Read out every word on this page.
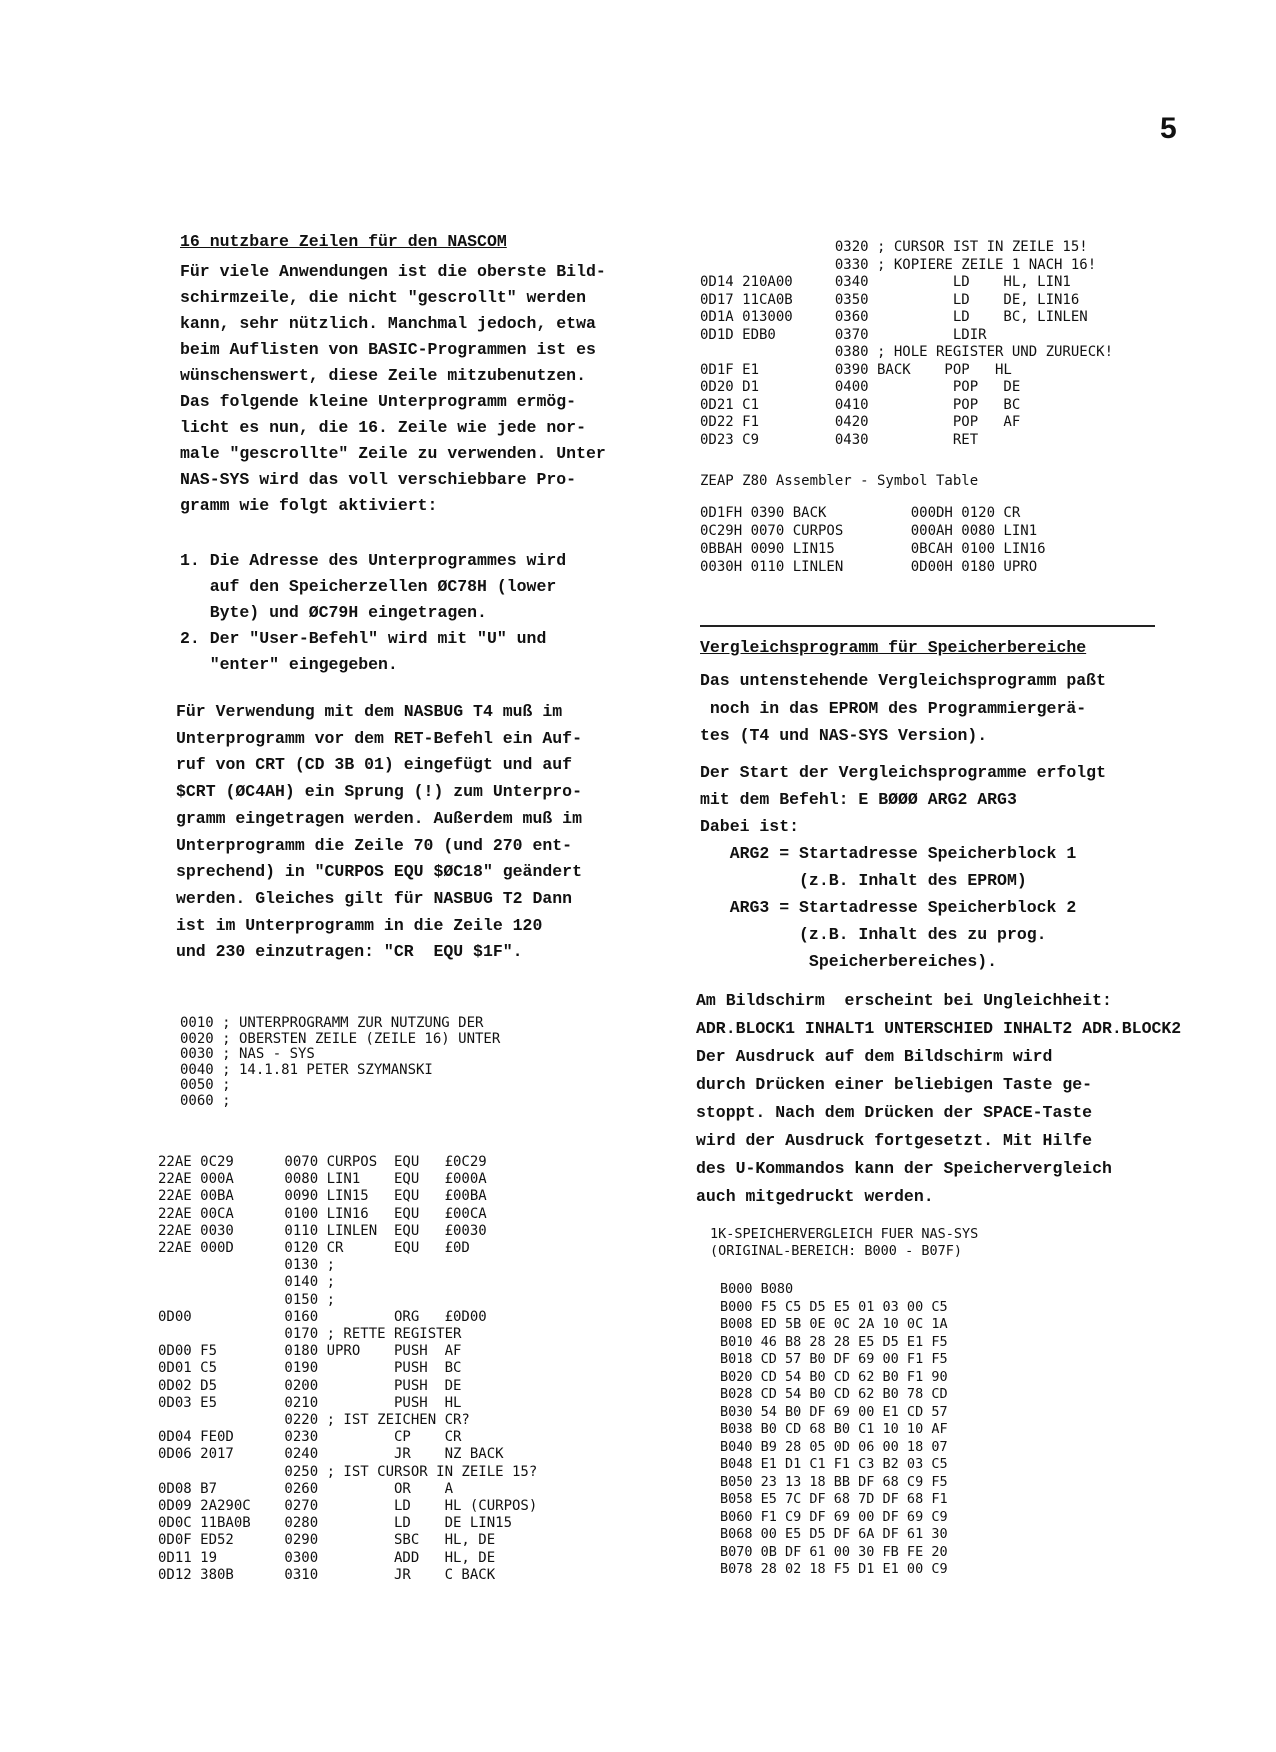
5
16 nutzbare Zeilen für den NASCOM
Für viele Anwendungen ist die oberste Bild-
schirmzeile, die nicht "gescrollt" werden
kann, sehr nützlich. Manchmal jedoch, etwa
beim Auflisten von BASIC-Programmen ist es
wünschenswert, diese Zeile mitzubenutzen.
Das folgende kleine Unterprogramm ermög-
licht es nun, die 16. Zeile wie jede nor-
male "gescrollte" Zeile zu verwenden. Unter
NAS-SYS wird das voll verschiebbare Pro-
gramm wie folgt aktiviert:
1. Die Adresse des Unterprogrammes wird
auf den Speicherzellen ØC78H (lower
Byte) und ØC79H eingetragen.
2. Der "User-Befehl" wird mit "U" und
"enter" eingegeben.
Für Verwendung mit dem NASBUG T4 muß im
Unterprogramm vor dem RET-Befehl ein Auf-
ruf von CRT (CD 3B 01) eingefügt und auf
$CRT (ØC4AH) ein Sprung (!) zum Unterpro-
gramm eingetragen werden. Außerdem muß im
Unterprogramm die Zeile 70 (und 270 ent-
sprechend) in "CURPOS EQU $ØC18" geändert
werden. Gleiches gilt für NASBUG T2 Dann
ist im Unterprogramm in die Zeile 120
und 230 einzutragen: "CR  EQU $1F".
0010 ; UNTERPROGRAMM ZUR NUTZUNG DER
0020 ; OBERSTEN ZEILE (ZEILE 16) UNTER
0030 ; NAS - SYS
0040 ; 14.1.81 PETER SZYMANSKI
0050 ;
0060 ;
22AE 0C29      0070 CURPOS  EQU   £0C29
22AE 000A      0080 LIN1    EQU   £000A
22AE 00BA      0090 LIN15   EQU   £00BA
22AE 00CA      0100 LIN16   EQU   £00CA
22AE 0030      0110 LINLEN  EQU   £0030
22AE 000D      0120 CR      EQU   £0D
0130 ;
0140 ;
0150 ;
0D00           0160         ORG   £0D00
0170 ; RETTE REGISTER
0D00 F5        0180 UPRO    PUSH  AF
0D01 C5        0190         PUSH  BC
0D02 D5        0200         PUSH  DE
0D03 E5        0210         PUSH  HL
0220 ; IST ZEICHEN CR?
0D04 FE0D      0230         CP    CR
0D06 2017      0240         JR    NZ BACK
0250 ; IST CURSOR IN ZEILE 15?
0D08 B7        0260         OR    A
0D09 2A290C    0270         LD    HL (CURPOS)
0D0C 11BA0B    0280         LD    DE LIN15
0D0F ED52      0290         SBC   HL, DE
0D11 19        0300         ADD   HL, DE
0D12 380B      0310         JR    C BACK
0320 ; CURSOR IST IN ZEILE 15!
0330 ; KOPIERE ZEILE 1 NACH 16!
0D14 210A00     0340          LD    HL, LIN1
0D17 11CA0B     0350          LD    DE, LIN16
0D1A 013000     0360          LD    BC, LINLEN
0D1D EDB0       0370          LDIR
0380 ; HOLE REGISTER UND ZURUECK!
0D1F E1         0390 BACK    POP   HL
0D20 D1         0400          POP   DE
0D21 C1         0410          POP   BC
0D22 F1         0420          POP   AF
0D23 C9         0430          RET
ZEAP Z80 Assembler - Symbol Table
0D1FH 0390 BACK          000DH 0120 CR
0C29H 0070 CURPOS        000AH 0080 LIN1
0BBAH 0090 LIN15         0BCAH 0100 LIN16
0030H 0110 LINLEN        0D00H 0180 UPRO
Vergleichsprogramm für Speicherbereiche
Das untenstehende Vergleichsprogramm paßt
noch in das EPROM des Programmiergerä-
tes (T4 und NAS-SYS Version).
Der Start der Vergleichsprogramme erfolgt
mit dem Befehl: E BØØØ ARG2 ARG3
Dabei ist:
ARG2 = Startadresse Speicherblock 1
(z.B. Inhalt des EPROM)
ARG3 = Startadresse Speicherblock 2
(z.B. Inhalt des zu prog.
Speicherbereiches).
Am Bildschirm  erscheint bei Ungleichheit:
ADR.BLOCK1 INHALT1 UNTERSCHIED INHALT2 ADR.BLOCK2
Der Ausdruck auf dem Bildschirm wird
durch Drücken einer beliebigen Taste ge-
stoppt. Nach dem Drücken der SPACE-Taste
wird der Ausdruck fortgesetzt. Mit Hilfe
des U-Kommandos kann der Speichervergleich
auch mitgedruckt werden.
1K-SPEICHERVERGLEICH FUER NAS-SYS
(ORIGINAL-BEREICH: B000 - B07F)
B000 B080
B000 F5 C5 D5 E5 01 03 00 C5
B008 ED 5B 0E 0C 2A 10 0C 1A
B010 46 B8 28 28 E5 D5 E1 F5
B018 CD 57 B0 DF 69 00 F1 F5
B020 CD 54 B0 CD 62 B0 F1 90
B028 CD 54 B0 CD 62 B0 78 CD
B030 54 B0 DF 69 00 E1 CD 57
B038 B0 CD 68 B0 C1 10 10 AF
B040 B9 28 05 0D 06 00 18 07
B048 E1 D1 C1 F1 C3 B2 03 C5
B050 23 13 18 BB DF 68 C9 F5
B058 E5 7C DF 68 7D DF 68 F1
B060 F1 C9 DF 69 00 DF 69 C9
B068 00 E5 D5 DF 6A DF 61 30
B070 0B DF 61 00 30 FB FE 20
B078 28 02 18 F5 D1 E1 00 C9
